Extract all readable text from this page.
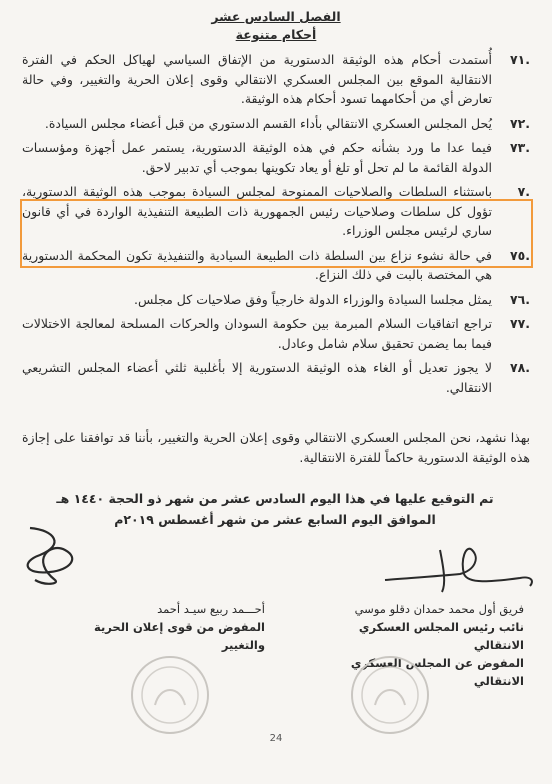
الفصل السادس عشر
أحكام متنوعة
٧١.
أُستمدت أحكام هذه الوثيقة الدستورية من الإتفاق السياسي لهياكل الحكم في الفترة الانتقالية الموقع بين المجلس العسكري الانتقالي وقوى إعلان الحرية والتغيير، وفي حالة تعارض أي من أحكامهما تسود أحكام هذه الوثيقة.
٧٢.
يُحل المجلس العسكري الانتقالي بأداء القسم الدستوري من قبل أعضاء مجلس السيادة.
٧٣.
فيما عدا ما ورد بشأنه حكم في هذه الوثيقة الدستورية، يستمر عمل أجهزة ومؤسسات الدولة القائمة ما لم تحل أو تلغ أو يعاد تكوينها بموجب أي تدبير لاحق.
٧.
باستثناء السلطات والصلاحيات الممنوحة لمجلس السيادة بموجب هذه الوثيقة الدستورية، تؤول كل سلطات وصلاحيات رئيس الجمهورية ذات الطبيعة التنفيذية الواردة في أي قانون ساري لرئيس مجلس الوزراء.
٧٥.
في حالة نشوء نزاع بين السلطة ذات الطبيعة السيادية والتنفيذية تكون المحكمة الدستورية هي المختصة بالبت في ذلك النزاع.
٧٦.
يمثل مجلسا السيادة والوزراء الدولة خارجياً وفق صلاحيات كل مجلس.
٧٧.
تراجع اتفاقيات السلام المبرمة بين حكومة السودان والحركات المسلحة لمعالجة الاختلالات فيما بما يضمن تحقيق سلام شامل وعادل.
٧٨.
لا يجوز تعديل أو الغاء هذه الوثيقة الدستورية إلا بأغلبية ثلثي أعضاء المجلس التشريعي الانتقالي.
بهذا نشهد، نحن المجلس العسكري الانتقالي وقوى إعلان الحرية والتغيير، بأننا قد توافقنا على إجازة هذه الوثيقة الدستورية حاكماً للفترة الانتقالية.
تم التوقيع عليها في هذا اليوم السادس عشر من شهر ذو الحجة ١٤٤٠ هـ
الموافق اليوم السابع عشر من شهر أغسطس ٢٠١٩م
فريق أول محمد حمدان دقلو موسي
نائب رئيس المجلس العسكري الانتقالي
المفوض عن المجلس العسكري الانتقالي
أحـــمد ربيع سيـد أحمد
المفوض من قوى إعلان الحرية والتغيير
24
